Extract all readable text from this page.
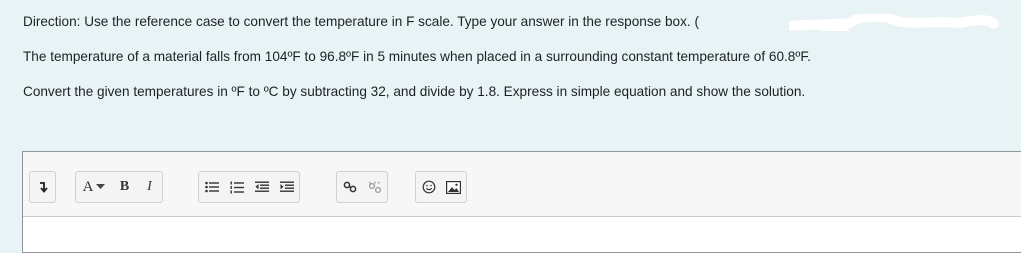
Direction: Use the reference case to convert the temperature in F scale. Type your answer in the response box. (

The temperature of a material falls from 104ºF to 96.8ºF in 5 minutes when placed in a surrounding constant temperature of 60.8ºF.

Convert the given temperatures in ºF to ºC by subtracting 32, and divide by 1.8. Express in simple equation and show the solution.

A B I
